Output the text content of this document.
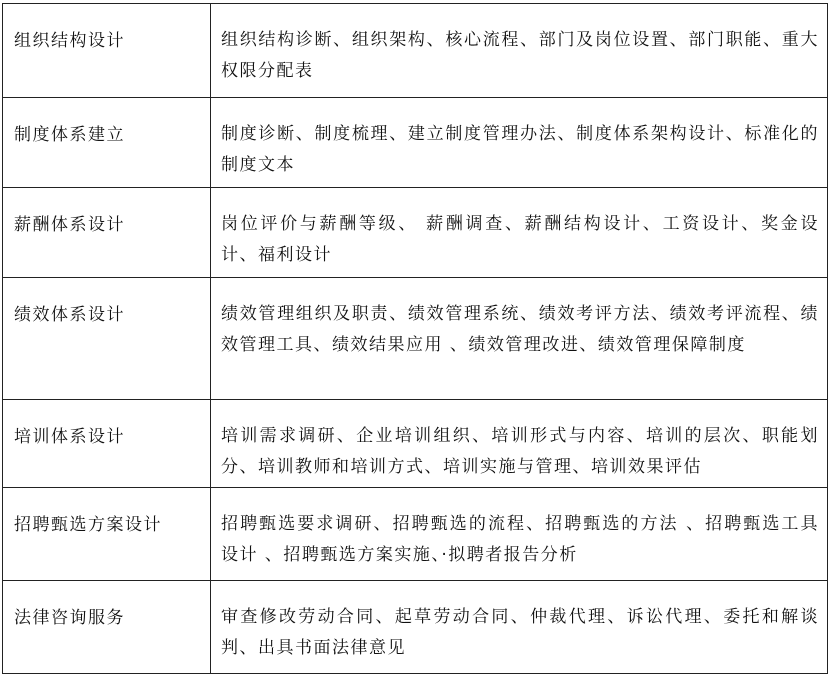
组织结构设计	组织结构诊断、组织架构、核心流程、部门及岗位设置、部门职能、重大权限分配表

制度体系建立	制度诊断、制度梳理、建立制度管理办法、制度体系架构设计、标准化的制度文本

薪酬体系设计	岗位评价与薪酬等级、 薪酬调查、薪酬结构设计、工资设计、奖金设计、福利设计

绩效体系设计	绩效管理组织及职责、绩效管理系统、绩效考评方法、绩效考评流程、绩效管理工具、绩效结果应用 、绩效管理改进、绩效管理保障制度

培训体系设计	培训需求调研、企业培训组织、培训形式与内容、培训的层次、职能划分、培训教师和培训方式、培训实施与管理、培训效果评估

招聘甄选方案设计	招聘甄选要求调研、招聘甄选的流程、招聘甄选的方法 、招聘甄选工具设计 、招聘甄选方案实施、·拟聘者报告分析

法律咨询服务	审查修改劳动合同、起草劳动合同、仲裁代理、诉讼代理、委托和解谈判、出具书面法律意见
